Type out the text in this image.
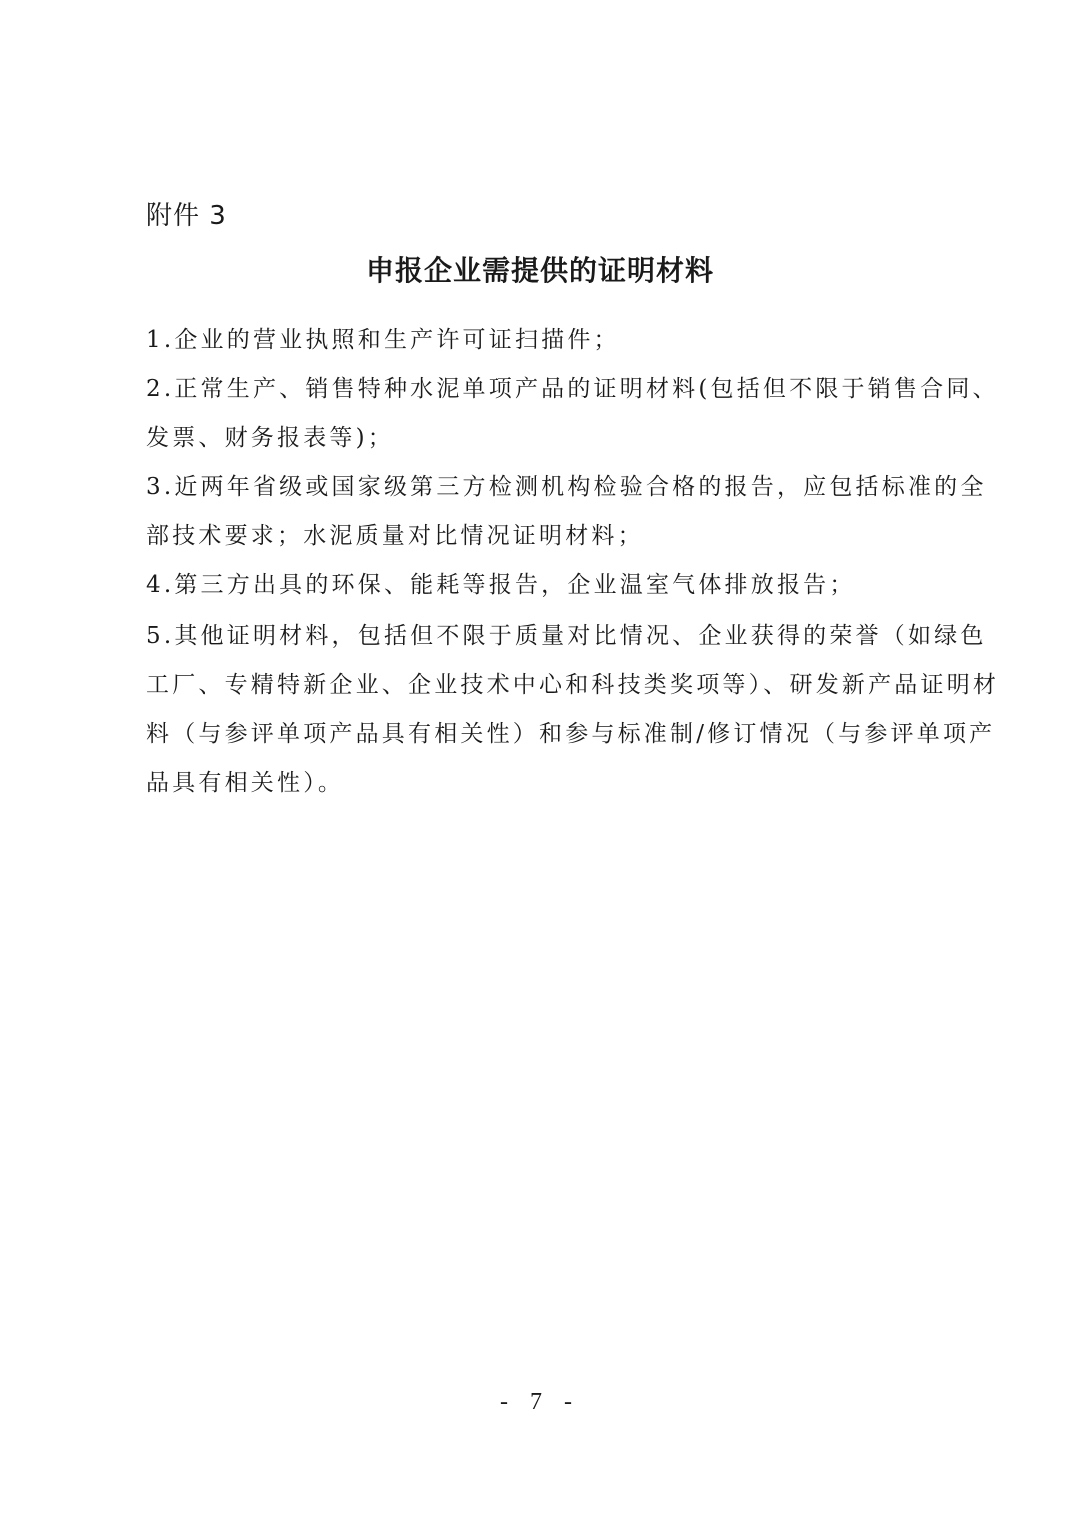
附件 3
申报企业需提供的证明材料
1.企业的营业执照和生产许可证扫描件；
2.正常生产、销售特种水泥单项产品的证明材料(包括但不限于销售合同、
发票、财务报表等)；
3.近两年省级或国家级第三方检测机构检验合格的报告，应包括标准的全
部技术要求；水泥质量对比情况证明材料；
4.第三方出具的环保、能耗等报告，企业温室气体排放报告；
5.其他证明材料，包括但不限于质量对比情况、企业获得的荣誉（如绿色
工厂、专精特新企业、企业技术中心和科技类奖项等）、研发新产品证明材
料（与参评单项产品具有相关性）和参与标准制/修订情况（与参评单项产
品具有相关性）。
- 7 -
